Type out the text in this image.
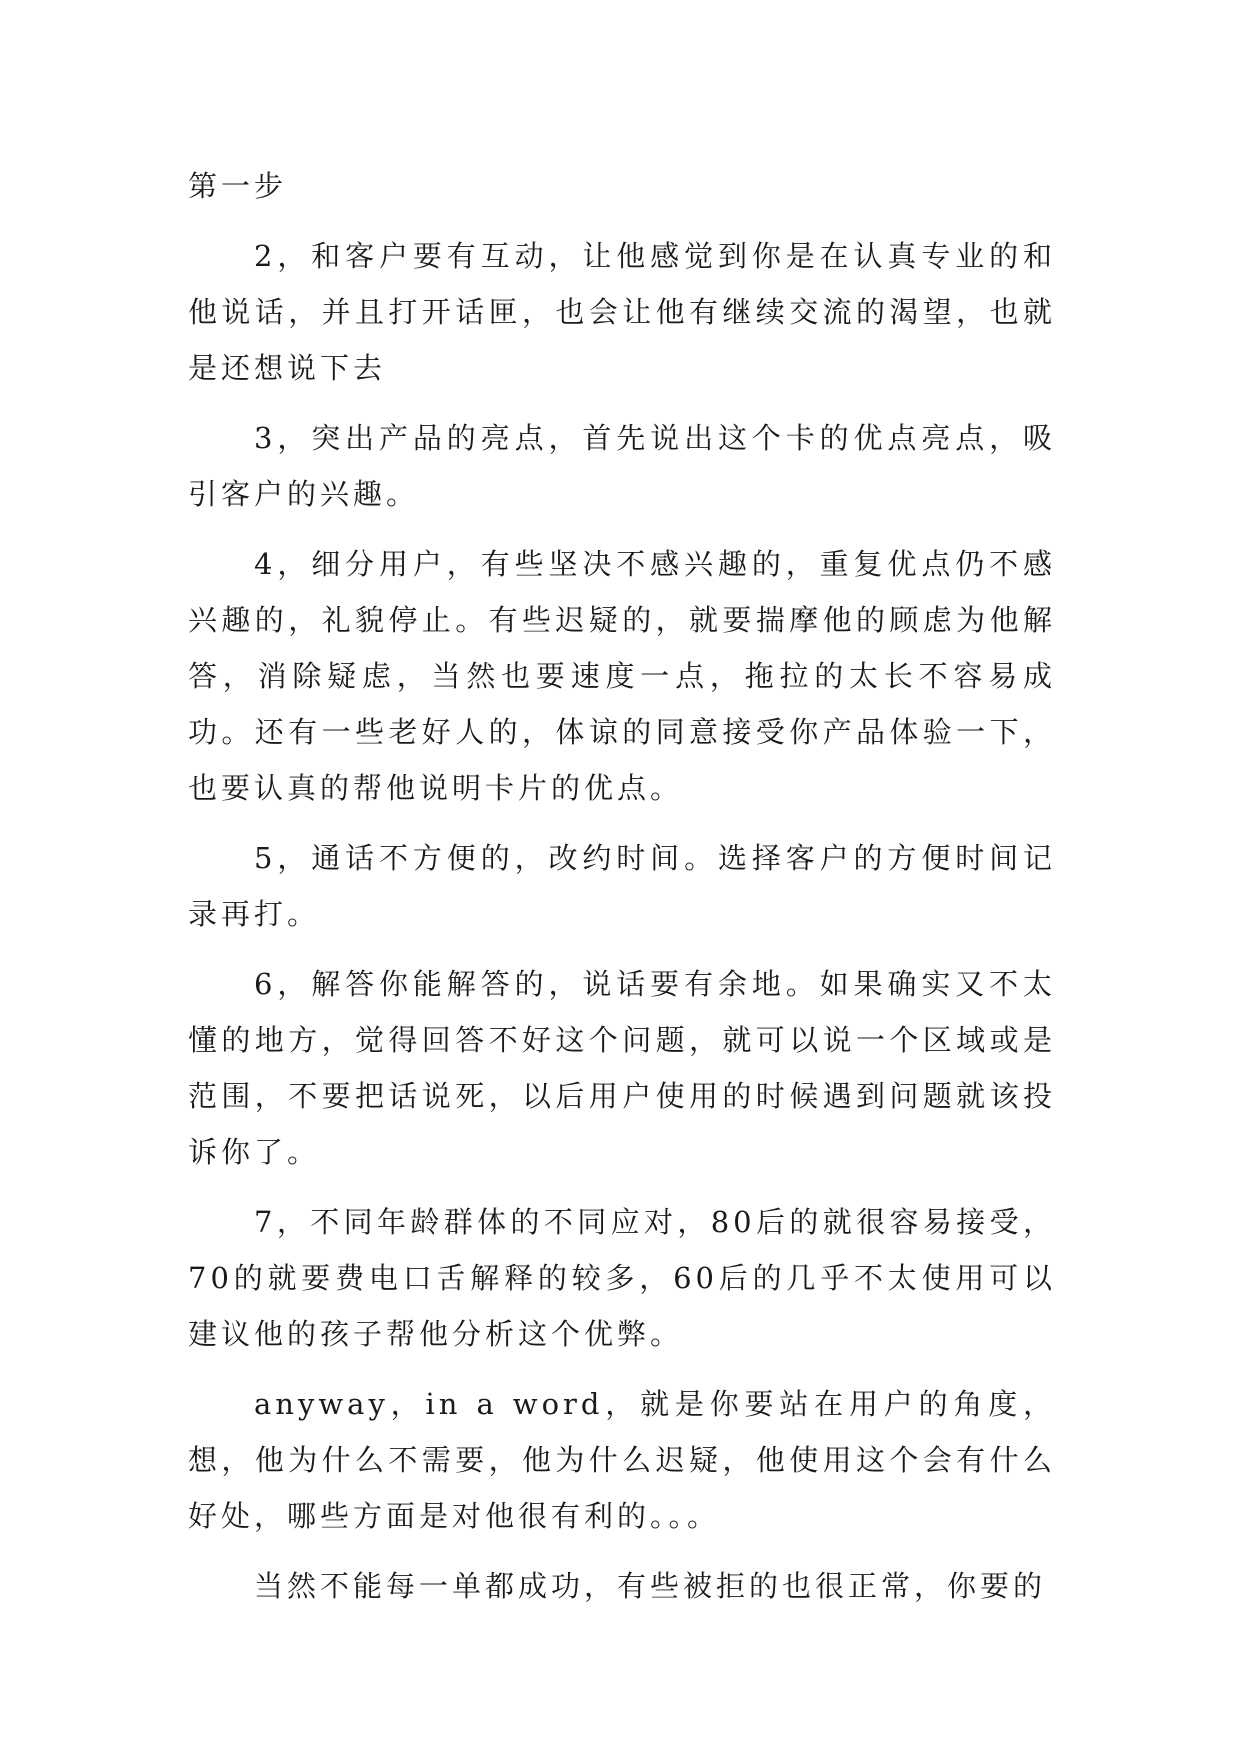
第一步

2，和客户要有互动，让他感觉到你是在认真专业的和他说话，并且打开话匣，也会让他有继续交流的渴望，也就是还想说下去

3，突出产品的亮点，首先说出这个卡的优点亮点，吸引客户的兴趣。

4，细分用户，有些坚决不感兴趣的，重复优点仍不感兴趣的，礼貌停止。有些迟疑的，就要揣摩他的顾虑为他解答，消除疑虑，当然也要速度一点，拖拉的太长不容易成功。还有一些老好人的，体谅的同意接受你产品体验一下，也要认真的帮他说明卡片的优点。

5，通话不方便的，改约时间。选择客户的方便时间记录再打。

6，解答你能解答的，说话要有余地。如果确实又不太懂的地方，觉得回答不好这个问题，就可以说一个区域或是范围，不要把话说死，以后用户使用的时候遇到问题就该投诉你了。

7，不同年龄群体的不同应对，80后的就很容易接受，70的就要费电口舌解释的较多，60后的几乎不太使用可以建议他的孩子帮他分析这个优弊。

anyway，in a word，就是你要站在用户的角度，想，他为什么不需要，他为什么迟疑，他使用这个会有什么好处，哪些方面是对他很有利的。。。

当然不能每一单都成功，有些被拒的也很正常，你要的
